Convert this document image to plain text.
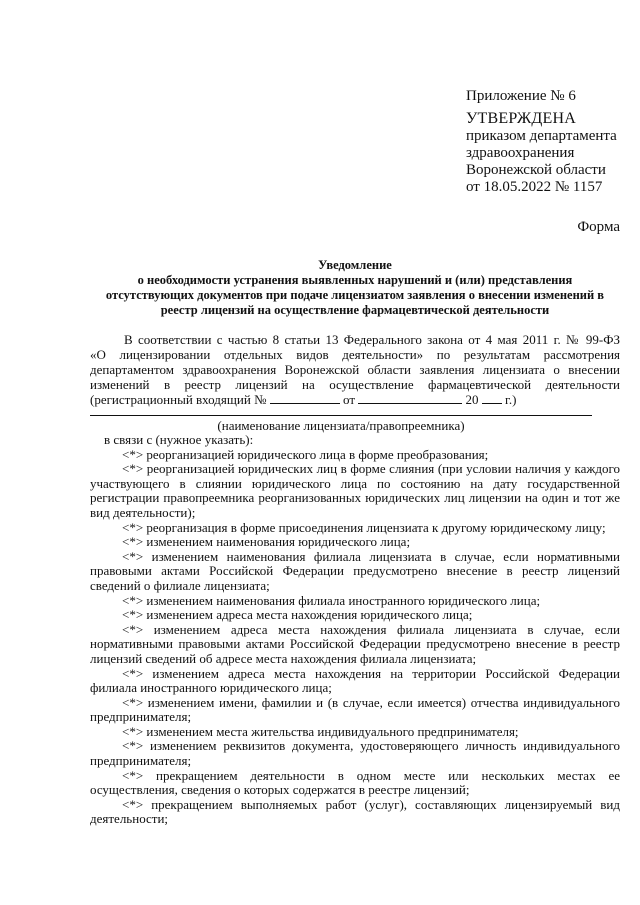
Приложение № 6
УТВЕРЖДЕНА
приказом департамента
здравоохранения
Воронежской области
от 18.05.2022 № 1157
Форма
Уведомление
о необходимости устранения выявленных нарушений и (или) представления
отсутствующих документов при подаче лицензиатом заявления о внесении изменений в
реестр лицензий на осуществление фармацевтической деятельности

В соответствии с частью 8 статьи 13 Федерального закона от 4 мая 2011 г. № 99-ФЗ

«О лицензировании отдельных видов деятельности» по результатам рассмотрения

департаментом здравоохранения Воронежской области заявления лицензиата о внесении

изменений в реестр лицензий на осуществление фармацевтической деятельности

(регистрационный входящий №	от	20 г.)

(наименование лицензиата/правопреемника)

в связи с (нужное указать):

<*> реорганизацией юридического лица в форме преобразования;

<*> реорганизацией юридических лиц в форме слияния (при условии наличия у каждого участвующего в слиянии юридического лица по состоянию на дату государственной регистрации правопреемника реорганизованных юридических лиц лицензии на один и тот же вид деятельности);

<*> реорганизация в форме присоединения лицензиата к другому юридическому лицу;

<*> изменением наименования юридического лица;

<*> изменением наименования филиала лицензиата в случае, если нормативными правовыми актами Российской Федерации предусмотрено внесение в реестр лицензий сведений о филиале лицензиата;

<*> изменением наименования филиала иностранного юридического лица;

<*> изменением адреса места нахождения юридического лица;

<*> изменением адреса места нахождения филиала лицензиата в случае, если нормативными правовыми актами Российской Федерации предусмотрено внесение в реестр лицензий сведений об адресе места нахождения филиала лицензиата;

<*> изменением адреса места нахождения на территории Российской Федерации филиала иностранного юридического лица;

<*> изменением имени, фамилии и (в случае, если имеется) отчества индивидуального предпринимателя;

<*> изменением места жительства индивидуального предпринимателя;

<*> изменением реквизитов документа, удостоверяющего личность индивидуального предпринимателя;

<*> прекращением деятельности в одном месте или нескольких местах ее осуществления, сведения о которых содержатся в реестре лицензий;

<*> прекращением выполняемых работ (услуг), составляющих лицензируемый вид деятельности;
